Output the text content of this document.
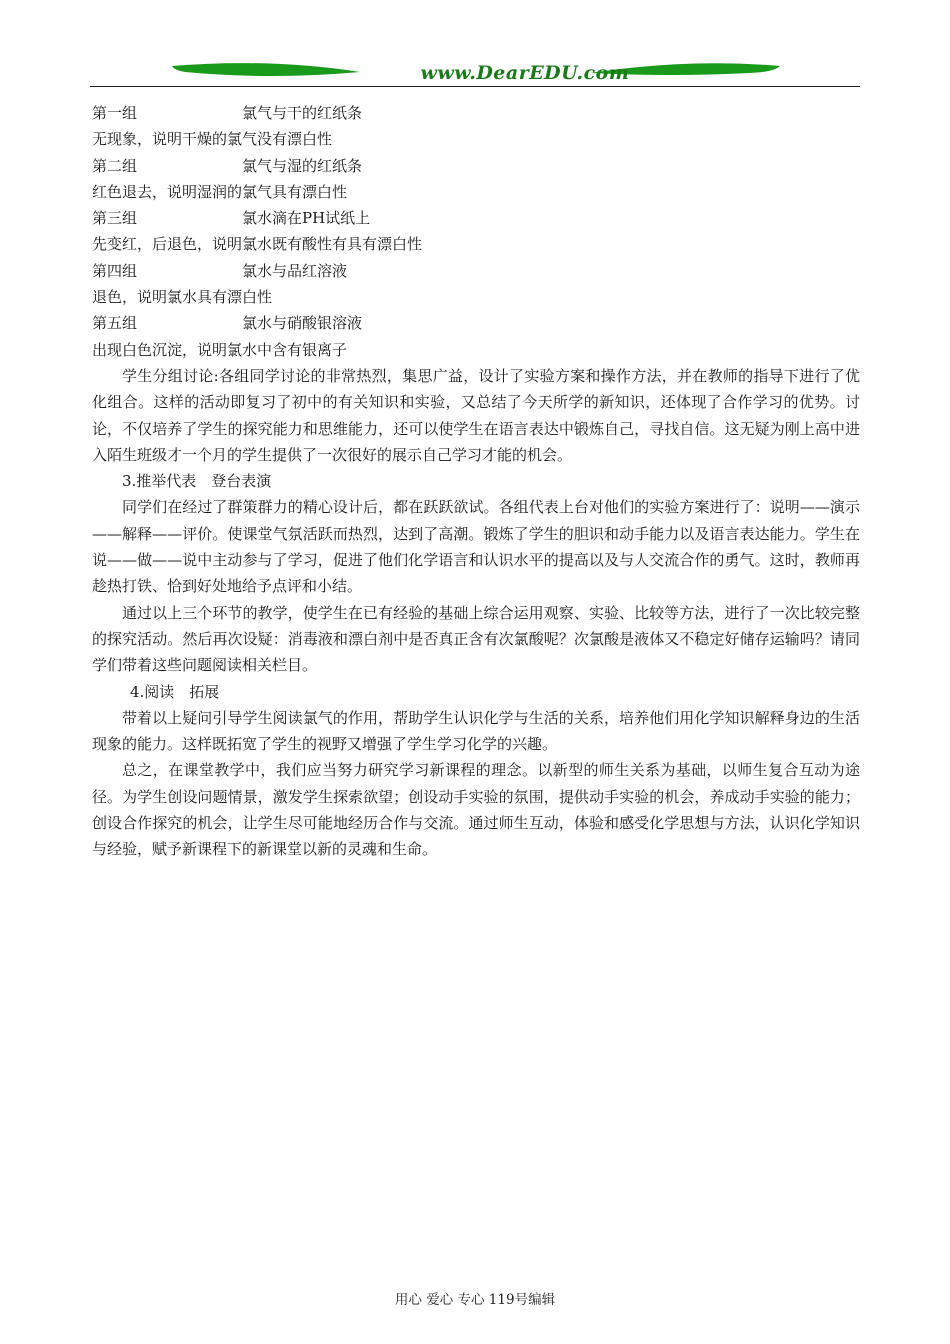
www.DearEDU.com
第一组	氯气与干的红纸条
无现象，说明干燥的氯气没有漂白性
第二组	氯气与湿的红纸条
红色退去，说明湿润的氯气具有漂白性
第三组	氯水滴在PH试纸上
先变红，后退色，说明氯水既有酸性有具有漂白性
第四组	氯水与品红溶液
退色，说明氯水具有漂白性
第五组	氯水与硝酸银溶液
出现白色沉淀，说明氯水中含有银离子

学生分组讨论:各组同学讨论的非常热烈，集思广益，设计了实验方案和操作方法，并在教师的指导下进行了优化组合。这样的活动即复习了初中的有关知识和实验，又总结了今天所学的新知识，还体现了合作学习的优势。讨论，不仅培养了学生的探究能力和思维能力，还可以使学生在语言表达中锻炼自己，寻找自信。这无疑为刚上高中进入陌生班级才一个月的学生提供了一次很好的展示自己学习才能的机会。

3.推举代表　登台表演

同学们在经过了群策群力的精心设计后，都在跃跃欲试。各组代表上台对他们的实验方案进行了：说明——演示——解释——评价。使课堂气氛活跃而热烈，达到了高潮。锻炼了学生的胆识和动手能力以及语言表达能力。学生在说——做——说中主动参与了学习，促进了他们化学语言和认识水平的提高以及与人交流合作的勇气。这时，教师再趁热打铁、恰到好处地给予点评和小结。

通过以上三个环节的教学，使学生在已有经验的基础上综合运用观察、实验、比较等方法，进行了一次比较完整的探究活动。然后再次设疑：消毒液和漂白剂中是否真正含有次氯酸呢？次氯酸是液体又不稳定好储存运输吗？请同学们带着这些问题阅读相关栏目。

4.阅读　拓展

带着以上疑问引导学生阅读氯气的作用，帮助学生认识化学与生活的关系，培养他们用化学知识解释身边的生活现象的能力。这样既拓宽了学生的视野又增强了学生学习化学的兴趣。

总之，在课堂教学中，我们应当努力研究学习新课程的理念。以新型的师生关系为基础，以师生复合互动为途径。为学生创设问题情景，激发学生探索欲望；创设动手实验的氛围，提供动手实验的机会，养成动手实验的能力；创设合作探究的机会，让学生尽可能地经历合作与交流。通过师生互动，体验和感受化学思想与方法，认识化学知识与经验，赋予新课程下的新课堂以新的灵魂和生命。

用心 爱心 专心 119号编辑
